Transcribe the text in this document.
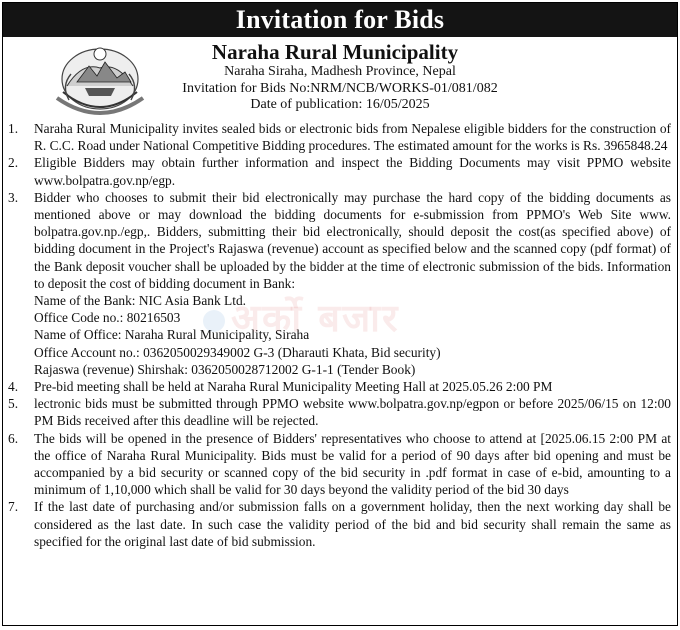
Invitation for Bids
Naraha Rural Municipality
Naraha Siraha, Madhesh Province, Nepal
Invitation for Bids No:NRM/NCB/WORKS-01/081/082
Date of publication: 16/05/2025
1. Naraha Rural Municipality invites sealed bids or electronic bids from Nepalese eligible bidders for the construction of R. C.C. Road under National Competitive Bidding procedures. The estimated amount for the works is Rs. 3965848.24
2. Eligible Bidders may obtain further information and inspect the Bidding Documents may visit PPMO website www.bolpatra.gov.np/egp.
3. Bidder who chooses to submit their bid electronically may purchase the hard copy of the bidding documents as mentioned above or may download the bidding documents for e-submission from PPMO's Web Site www. bolpatra.gov.np./egp,. Bidders, submitting their bid electronically, should deposit the cost(as specified above) of bidding document in the Project's Rajaswa (revenue) account as specified below and the scanned copy (pdf format) of the Bank deposit voucher shall be uploaded by the bidder at the time of electronic submission of the bids. Information to deposit the cost of bidding document in Bank:
Name of the Bank: NIC Asia Bank Ltd.
Office Code no.: 80216503
Name of Office: Naraha Rural Municipality, Siraha
Office Account no.: 0362050029349002 G-3 (Dharauti Khata, Bid security)
Rajaswa (revenue) Shirshak: 0362050028712002 G-1-1 (Tender Book)
4. Pre-bid meeting shall be held at Naraha Rural Municipality Meeting Hall at 2025.05.26 2:00 PM
5. lectronic bids must be submitted through PPMO website www.bolpatra.gov.np/egpon or before 2025/06/15 on 12:00 PM Bids received after this deadline will be rejected.
6. The bids will be opened in the presence of Bidders' representatives who choose to attend at [2025.06.15 2:00 PM at the office of Naraha Rural Municipality. Bids must be valid for a period of 90 days after bid opening and must be accompanied by a bid security or scanned copy of the bid security in .pdf format in case of e-bid, amounting to a minimum of 1,10,000 which shall be valid for 30 days beyond the validity period of the bid 30 days
7. If the last date of purchasing and/or submission falls on a government holiday, then the next working day shall be considered as the last date. In such case the validity period of the bid and bid security shall remain the same as specified for the original last date of bid submission.
अर्को बजार
